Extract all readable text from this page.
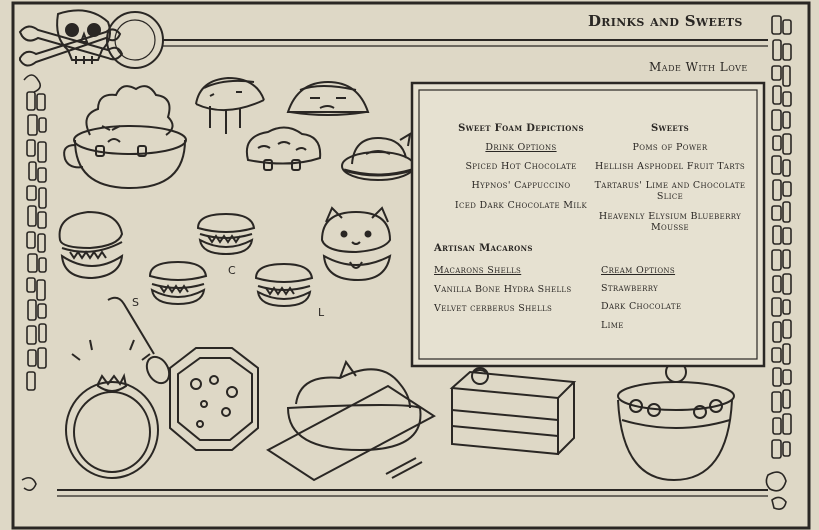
S
C
L
Drinks and Sweets
Made With Love
Sweet Foam Depictions
Drink Options
Spiced Hot Chocolate
Hypnos' Cappuccino
Iced Dark Chocolate Milk
Artisan Macarons
Macarons Shells
Vanilla Bone Hydra Shells
Velvet cerberus Shells
Sweets
Poms of Power
Hellish Asphodel Fruit Tarts
Tartarus' Lime and Chocolate Slice
Heavenly Elysium Blueberry Mousse
Cream Options
Strawberry
Dark Chocolate
Lime
